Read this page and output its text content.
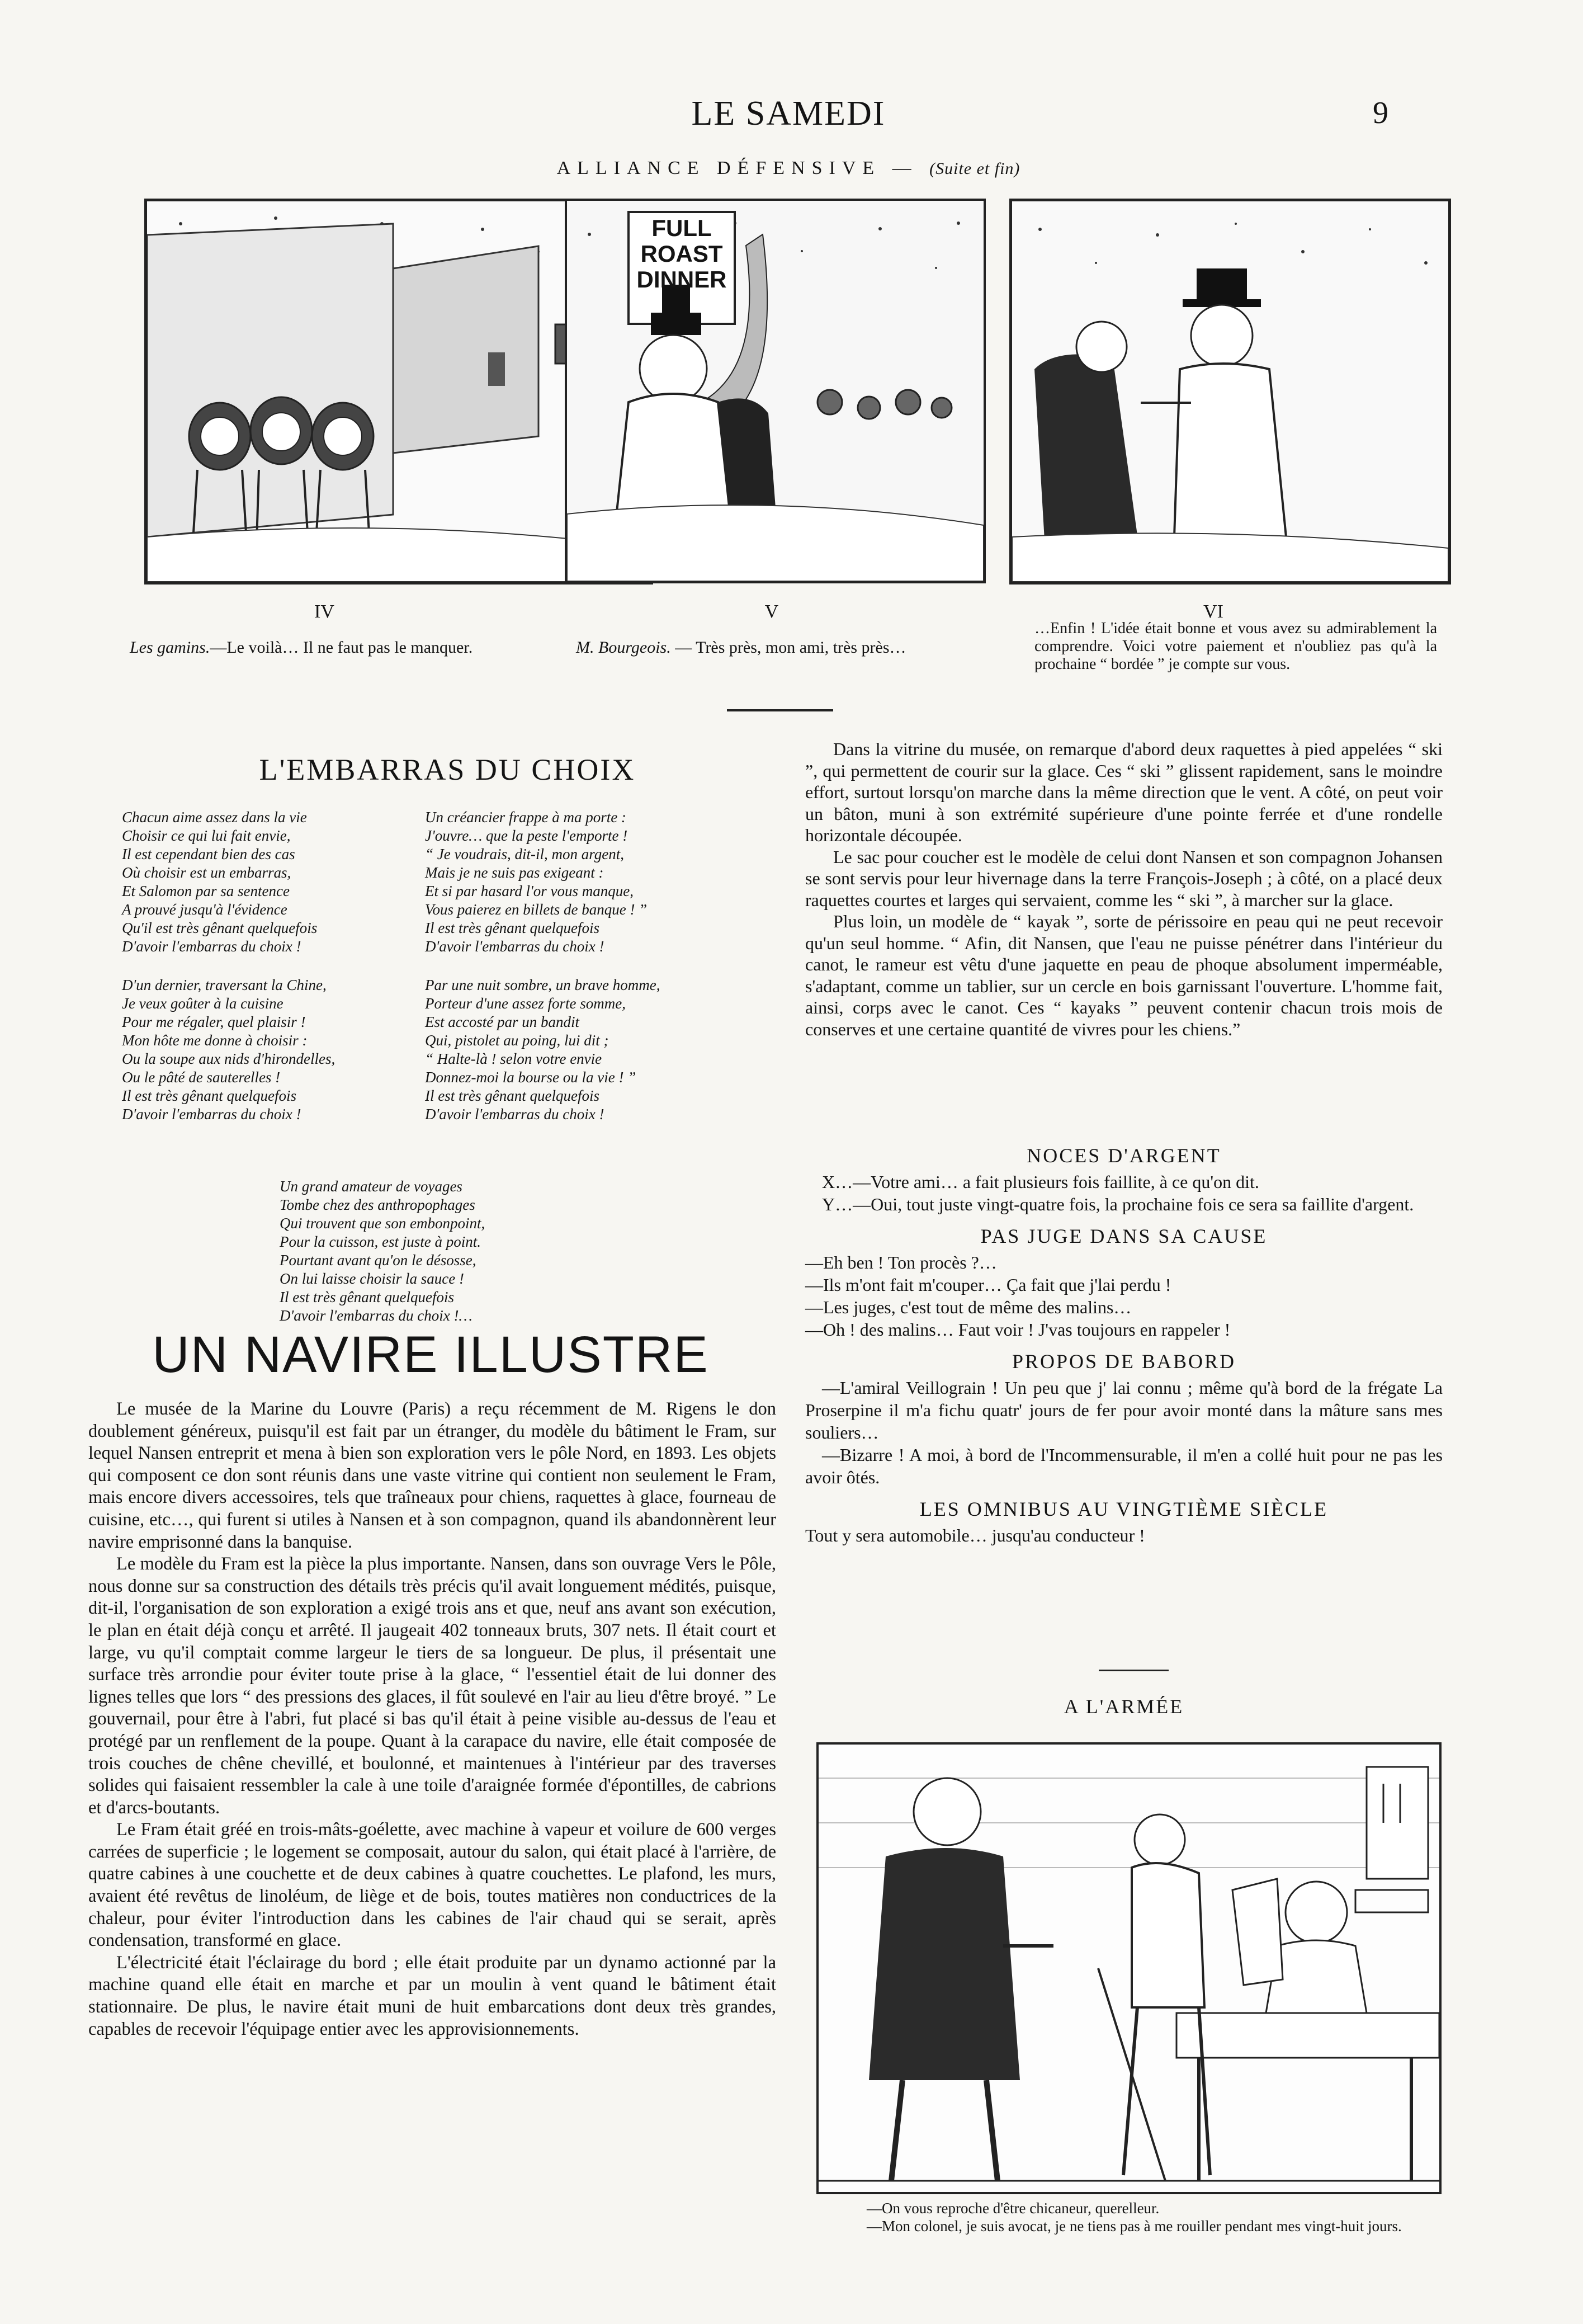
LE SAMEDI	9
ALLIANCE DÉFENSIVE — (Suite et fin)
FULL ROAST DINNER
IV	V	VI
Les gamins.—Le voilà… Il ne faut pas le manquer.	M. Bourgeois. — Très près, mon ami, très près…
…Enfin ! L'idée était bonne et vous avez su admirablement la comprendre. Voici votre paiement et n'oubliez pas qu'à la prochaine “ bordée ” je compte sur vous.
L'EMBARRAS DU CHOIX
Chacun aime assez dans la vie
Choisir ce qui lui fait envie,
Il est cependant bien des cas
Où choisir est un embarras,
Et Salomon par sa sentence
A prouvé jusqu'à l'évidence
Qu'il est très gênant quelquefois
D'avoir l'embarras du choix !
D'un dernier, traversant la Chine,
Je veux goûter à la cuisine
Pour me régaler, quel plaisir !
Mon hôte me donne à choisir :
Ou la soupe aux nids d'hirondelles,
Ou le pâté de sauterelles !
Il est très gênant quelquefois
D'avoir l'embarras du choix !
Un créancier frappe à ma porte :
J'ouvre… que la peste l'emporte !
“ Je voudrais, dit-il, mon argent,
Mais je ne suis pas exigeant :
Et si par hasard l'or vous manque,
Vous paierez en billets de banque ! ”
Il est très gênant quelquefois
D'avoir l'embarras du choix !
Par une nuit sombre, un brave homme,
Porteur d'une assez forte somme,
Est accosté par un bandit
Qui, pistolet au poing, lui dit ;
“ Halte-là ! selon votre envie
Donnez-moi la bourse ou la vie ! ”
Il est très gênant quelquefois
D'avoir l'embarras du choix !
Un grand amateur de voyages
Tombe chez des anthropophages
Qui trouvent que son embonpoint,
Pour la cuisson, est juste à point.
Pourtant avant qu'on le désosse,
On lui laisse choisir la sauce !
Il est très gênant quelquefois
D'avoir l'embarras du choix !…
UN NAVIRE ILLUSTRE

Le musée de la Marine du Louvre (Paris) a reçu récemment de M. Rigens le don doublement généreux, puisqu'il est fait par un étranger, du modèle du bâtiment le Fram, sur lequel Nansen entreprit et mena à bien son exploration vers le pôle Nord, en 1893. Les objets qui composent ce don sont réunis dans une vaste vitrine qui contient non seulement le Fram, mais encore divers accessoires, tels que traîneaux pour chiens, raquettes à glace, fourneau de cuisine, etc…, qui furent si utiles à Nansen et à son compagnon, quand ils abandonnèrent leur navire emprisonné dans la banquise.

Le modèle du Fram est la pièce la plus importante. Nansen, dans son ouvrage Vers le Pôle, nous donne sur sa construction des détails très précis qu'il avait longuement médités, puisque, dit-il, l'organisation de son exploration a exigé trois ans et que, neuf ans avant son exécution, le plan en était déjà conçu et arrêté. Il jaugeait 402 tonneaux bruts, 307 nets. Il était court et large, vu qu'il comptait comme largeur le tiers de sa longueur. De plus, il présentait une surface très arrondie pour éviter toute prise à la glace, “ l'essentiel était de lui donner des lignes telles que lors “ des pressions des glaces, il fût soulevé en l'air au lieu d'être broyé. ” Le gouvernail, pour être à l'abri, fut placé si bas qu'il était à peine visible au-dessus de l'eau et protégé par un renflement de la poupe. Quant à la carapace du navire, elle était composée de trois couches de chêne chevillé, et boulonné, et maintenues à l'intérieur par des traverses solides qui faisaient ressembler la cale à une toile d'araignée formée d'épontilles, de cabrions et d'arcs-boutants.

Le Fram était gréé en trois-mâts-goélette, avec machine à vapeur et voilure de 600 verges carrées de superficie ; le logement se composait, autour du salon, qui était placé à l'arrière, de quatre cabines à une couchette et de deux cabines à quatre couchettes. Le plafond, les murs, avaient été revêtus de linoléum, de liège et de bois, toutes matières non conductrices de la chaleur, pour éviter l'introduction dans les cabines de l'air chaud qui se serait, après condensation, transformé en glace.

L'électricité était l'éclairage du bord ; elle était produite par un dynamo actionné par la machine quand elle était en marche et par un moulin à vent quand le bâtiment était stationnaire. De plus, le navire était muni de huit embarcations dont deux très grandes, capables de recevoir l'équipage entier avec les approvisionnements.

Dans la vitrine du musée, on remarque d'abord deux raquettes à pied appelées “ ski ”, qui permettent de courir sur la glace. Ces “ ski ” glissent rapidement, sans le moindre effort, surtout lorsqu'on marche dans la même direction que le vent. A côté, on peut voir un bâton, muni à son extrémité supérieure d'une pointe ferrée et d'une rondelle horizontale découpée.

Le sac pour coucher est le modèle de celui dont Nansen et son compagnon Johansen se sont servis pour leur hivernage dans la terre François-Joseph ; à côté, on a placé deux raquettes courtes et larges qui servaient, comme les “ ski ”, à marcher sur la glace.

Plus loin, un modèle de “ kayak ”, sorte de périssoire en peau qui ne peut recevoir qu'un seul homme. “ Afin, dit Nansen, que l'eau ne puisse pénétrer dans l'intérieur du canot, le rameur est vêtu d'une jaquette en peau de phoque absolument imperméable, s'adaptant, comme un tablier, sur un cercle en bois garnissant l'ouverture. L'homme fait, ainsi, corps avec le canot. Ces “ kayaks ” peuvent contenir chacun trois mois de conserves et une certaine quantité de vivres pour les chiens.”

NOCES D'ARGENT

X…—Votre ami… a fait plusieurs fois faillite, à ce qu'on dit.

Y…—Oui, tout juste vingt-quatre fois, la prochaine fois ce sera sa faillite d'argent.

PAS JUGE DANS SA CAUSE

—Eh ben ! Ton procès ?…

—Ils m'ont fait m'couper… Ça fait que j'lai perdu !

—Les juges, c'est tout de même des malins…

—Oh ! des malins… Faut voir ! J'vas toujours en rappeler !

PROPOS DE BABORD

—L'amiral Veillograin ! Un peu que j' lai connu ; même qu'à bord de la frégate La Proserpine il m'a fichu quatr' jours de fer pour avoir monté dans la mâture sans mes souliers…

—Bizarre ! A moi, à bord de l'Incommensurable, il m'en a collé huit pour ne pas les avoir ôtés.

LES OMNIBUS AU VINGTIÈME SIÈCLE

Tout y sera automobile… jusqu'au conducteur !

A L'ARMÉE

—On vous reproche d'être chicaneur, querelleur.

—Mon colonel, je suis avocat, je ne tiens pas à me rouiller pendant mes vingt-huit jours.
